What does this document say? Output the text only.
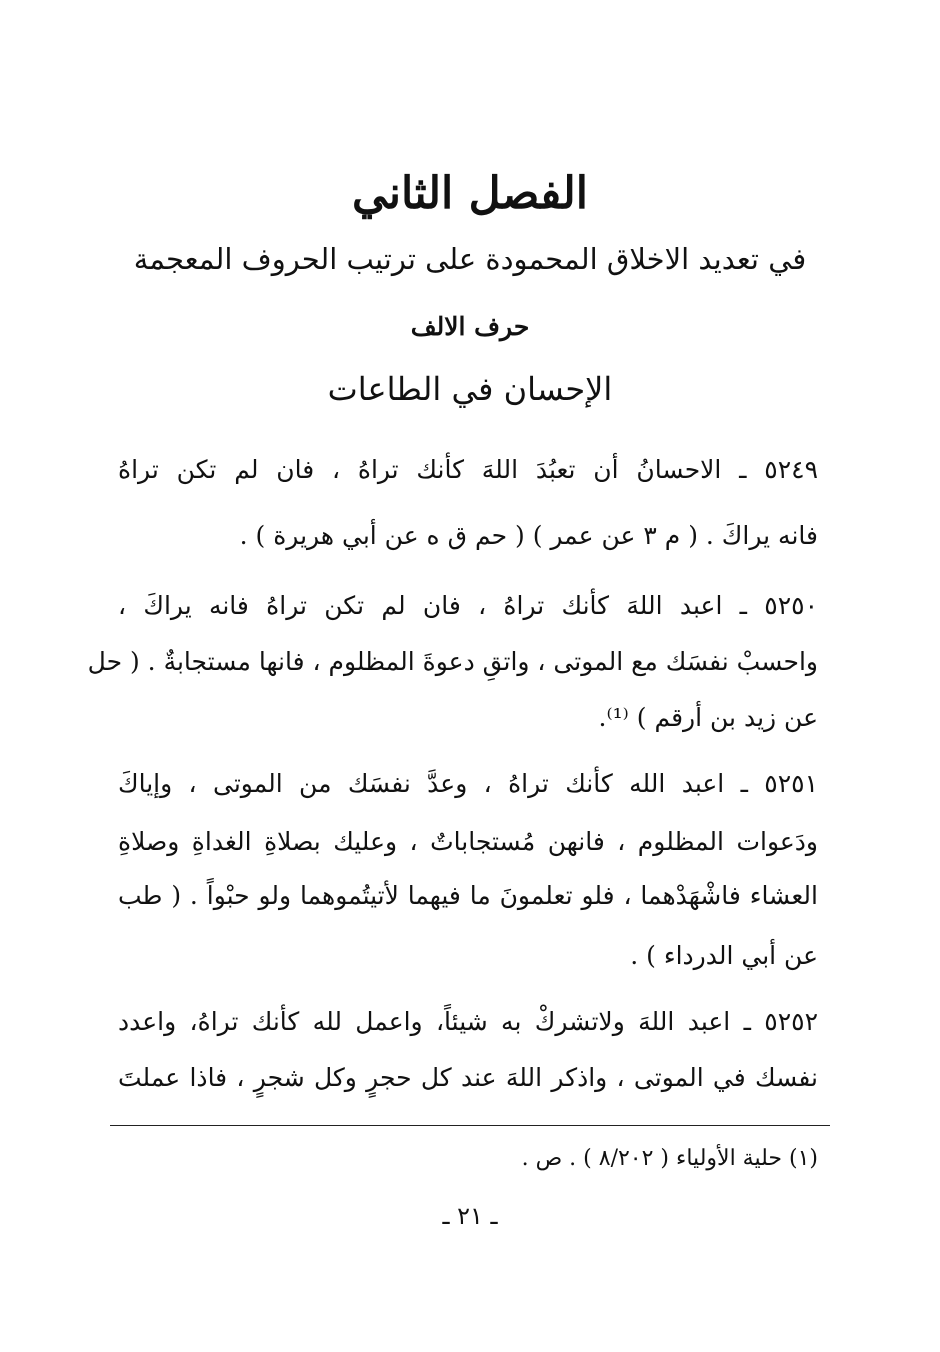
الفصل الثاني
في تعديد الاخلاق المحمودة على ترتيب الحروف المعجمة
حرف الالف
الإحسان في الطاعات
٥٢٤٩ ـ الاحسانُ أن تعبُدَ اللهَ كأنك تراهُ ، فان لم تكن تراهُ
فانه يراكَ . ( م ٣ عن عمر ) ( حم ق ه عن أبي هريرة ) .
٥٢٥٠ ـ اعبد اللهَ كأنك تراهُ ، فان لم تكن تراهُ فانه يراكَ ،
واحسبْ نفسَك مع الموتى ، واتقِ دعوةَ المظلوم ، فانها مستجابةٌ . ( حل
عن زيد بن أرقم ) ⁽¹⁾.
٥٢٥١ ـ اعبد الله كأنك تراهُ ، وعدَّ نفسَك من الموتى ، وإياكَ
ودَعوات المظلوم ، فانهن مُستجاباتٌ ، وعليك بصلاةِ الغداةِ وصلاةِ
العشاء فاشْهَدْهما ، فلو تعلمونَ ما فيهما لأتيتُموهما ولو حبْواً . ( طب
عن أبي الدرداء ) .
٥٢٥٢ ـ اعبد اللهَ ولاتشركْ به شيئاً، واعمل لله كأنك تراهُ، واعدد
نفسك في الموتى ، واذكر اللهَ عند كل حجرٍ وكل شجرٍ ، فاذا عملتَ
(١) حلية الأولياء ( ٨/٢٠٢ ) . ص .
ـ ٢١ ـ
